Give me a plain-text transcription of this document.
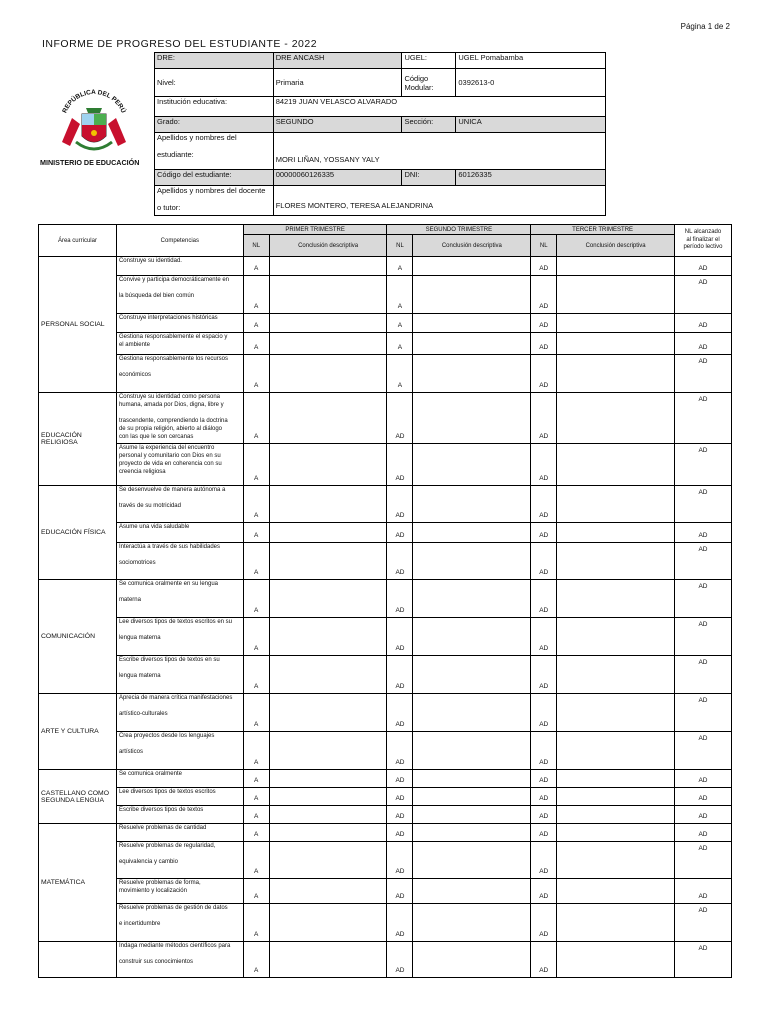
Página 1 de 2
INFORME DE PROGRESO DEL ESTUDIANTE - 2022
REPÚBLICA DEL PERÚ
MINISTERIO DE EDUCACIÓN
DRE:	DRE ANCASH	UGEL:	UGEL Pomabamba
Nivel:	Primaria	Código Modular:	0392613-0
Institución educativa:	84219 JUAN VELASCO ALVARADO		
Grado:	SEGUNDO	Sección:	UNICA

Apellidos y nombres del
estudiante:	MORI LIÑAN, YOSSANY YALY		
Código del estudiante:	00000060126335	DNI:	60126335

Apellidos y nombres del docente
o tutor:	FLORES MONTERO, TERESA ALEJANDRINA		
Área curricular	Competencias	PRIMER TRIMESTRE		SEGUNDO TRIMESTRE		TERCER TRIMESTRE		NL alcanzado
al finalizar el
período lectivo

		NL	Conclusión descriptiva	NL	Conclusión descriptiva	NL	Conclusión descriptiva	
PERSONAL SOCIAL	Construye su identidad.	A		A		AD		AD
	Convive y participa democráticamente en

la búsqueda del bien común	A		A		AD		AD
	Construye interpretaciones históricas	A		A		AD		AD
	Gestiona responsablemente el espacio y
el ambiente	A		A		AD		AD
	Gestiona responsablemente los recursos

económicos	A		A		AD		AD
EDUCACIÓN
RELIGIOSA	Construye su identidad como persona
humana, amada por Dios, digna, libre y

trascendente, comprendiendo la doctrina
de su propia religión, abierto al diálogo
con las que le son cercanas	A		AD		AD		AD
	Asume la experiencia del encuentro
personal y comunitario con Dios en su
proyecto de vida en coherencia con su
creencia religiosa	A		AD		AD		AD
EDUCACIÓN FÍSICA	Se desenvuelve de manera autónoma a

través de su motricidad	A		AD		AD		AD
	Asume una vida saludable	A		AD		AD		AD
	Interactúa a través de sus habilidades

sociomotrices	A		AD		AD		AD
COMUNICACIÓN	Se comunica oralmente en su lengua

materna	A		AD		AD		AD
	Lee diversos tipos de textos escritos en su

lengua materna	A		AD		AD		AD
	Escribe diversos tipos de textos en su

lengua materna	A		AD		AD		AD
ARTE Y CULTURA	Aprecia de manera crítica manifestaciones

artístico-culturales	A		AD		AD		AD
	Crea proyectos desde los lenguajes

artísticos	A		AD		AD		AD
CASTELLANO COMO
SEGUNDA LENGUA	Se comunica oralmente	A		AD		AD		AD
	Lee diversos tipos de textos escritos	A		AD		AD		AD
	Escribe diversos tipos de textos	A		AD		AD		AD
MATEMÁTICA	Resuelve problemas de cantidad	A		AD		AD		AD
	Resuelve problemas de regularidad,

equivalencia y cambio	A		AD		AD		AD
	Resuelve problemas de forma,
movimiento y localización	A		AD		AD		AD
	Resuelve problemas de gestión de datos

e incertidumbre	A		AD		AD		AD
	Indaga mediante métodos científicos para

construir sus conocimientos	A		AD		AD		AD
